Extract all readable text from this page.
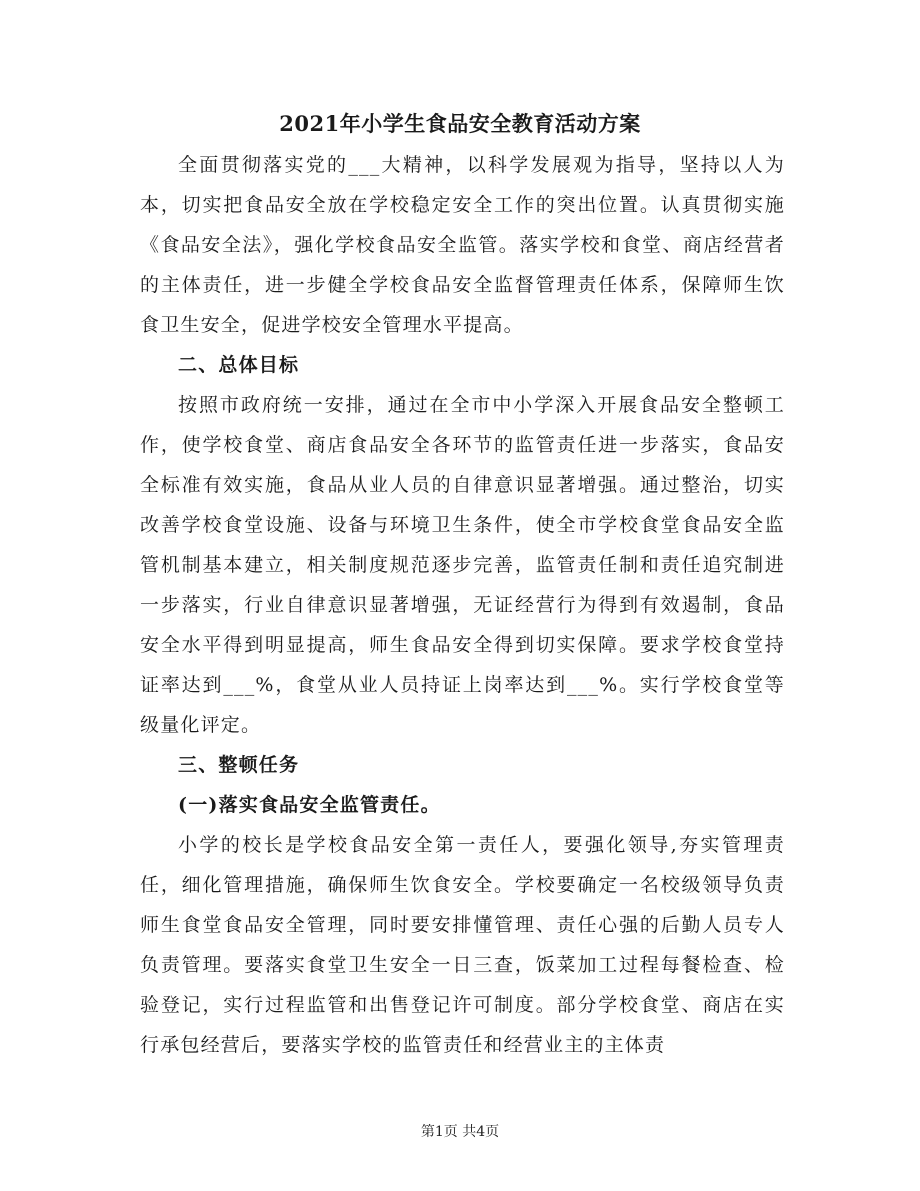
2021年小学生食品安全教育活动方案

全面贯彻落实党的___大精神，以科学发展观为指导，坚持以人为本，切实把食品安全放在学校稳定安全工作的突出位置。认真贯彻实施《食品安全法》，强化学校食品安全监管。落实学校和食堂、商店经营者的主体责任，进一步健全学校食品安全监督管理责任体系，保障师生饮食卫生安全，促进学校安全管理水平提高。

二、总体目标

按照市政府统一安排，通过在全市中小学深入开展食品安全整顿工作，使学校食堂、商店食品安全各环节的监管责任进一步落实，食品安全标准有效实施，食品从业人员的自律意识显著增强。通过整治，切实改善学校食堂设施、设备与环境卫生条件，使全市学校食堂食品安全监管机制基本建立，相关制度规范逐步完善，监管责任制和责任追究制进一步落实，行业自律意识显著增强，无证经营行为得到有效遏制，食品安全水平得到明显提高，师生食品安全得到切实保障。要求学校食堂持证率达到___%，食堂从业人员持证上岗率达到___%。实行学校食堂等级量化评定。

三、整顿任务

(一)落实食品安全监管责任。

小学的校长是学校食品安全第一责任人，要强化领导,夯实管理责任，细化管理措施，确保师生饮食安全。学校要确定一名校级领导负责师生食堂食品安全管理，同时要安排懂管理、责任心强的后勤人员专人负责管理。要落实食堂卫生安全一日三查，饭菜加工过程每餐检查、检验登记，实行过程监管和出售登记许可制度。部分学校食堂、商店在实行承包经营后，要落实学校的监管责任和经营业主的主体责

第1页 共4页
